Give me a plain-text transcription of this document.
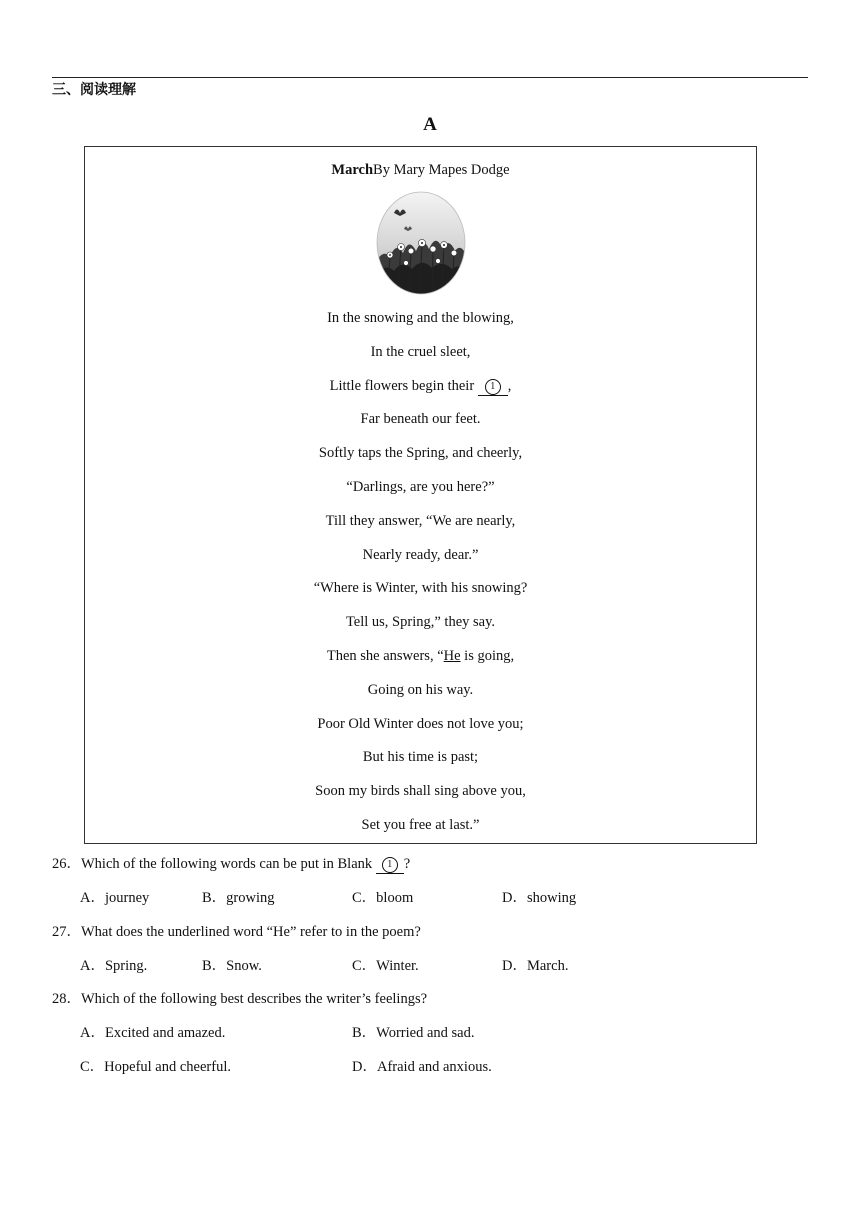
三、阅读理解
A
MarchBy Mary Mapes Dodge
In the snowing and the blowing,
In the cruel sleet,
Little flowers begin their 1 ,
Far beneath our feet.
Softly taps the Spring, and cheerly,
“Darlings, are you here?”
Till they answer, “We are nearly,
Nearly ready, dear.”
“Where is Winter, with his snowing?
Tell us, Spring,” they say.
Then she answers, “He is going,
Going on his way.
Poor Old Winter does not love you;
But his time is past;
Soon my birds shall sing above you,
Set you free at last.”
26．Which of the following words can be put in Blank 1 ?
A．journey	B．growing	C．bloom	D．showing
27．What does the underlined word “He” refer to in the poem?
A．Spring.	B．Snow.	C．Winter.	D．March.
28．Which of the following best describes the writer’s feelings?
A．Excited and amazed.	B．Worried and sad.
C．Hopeful and cheerful.	D．Afraid and anxious.
